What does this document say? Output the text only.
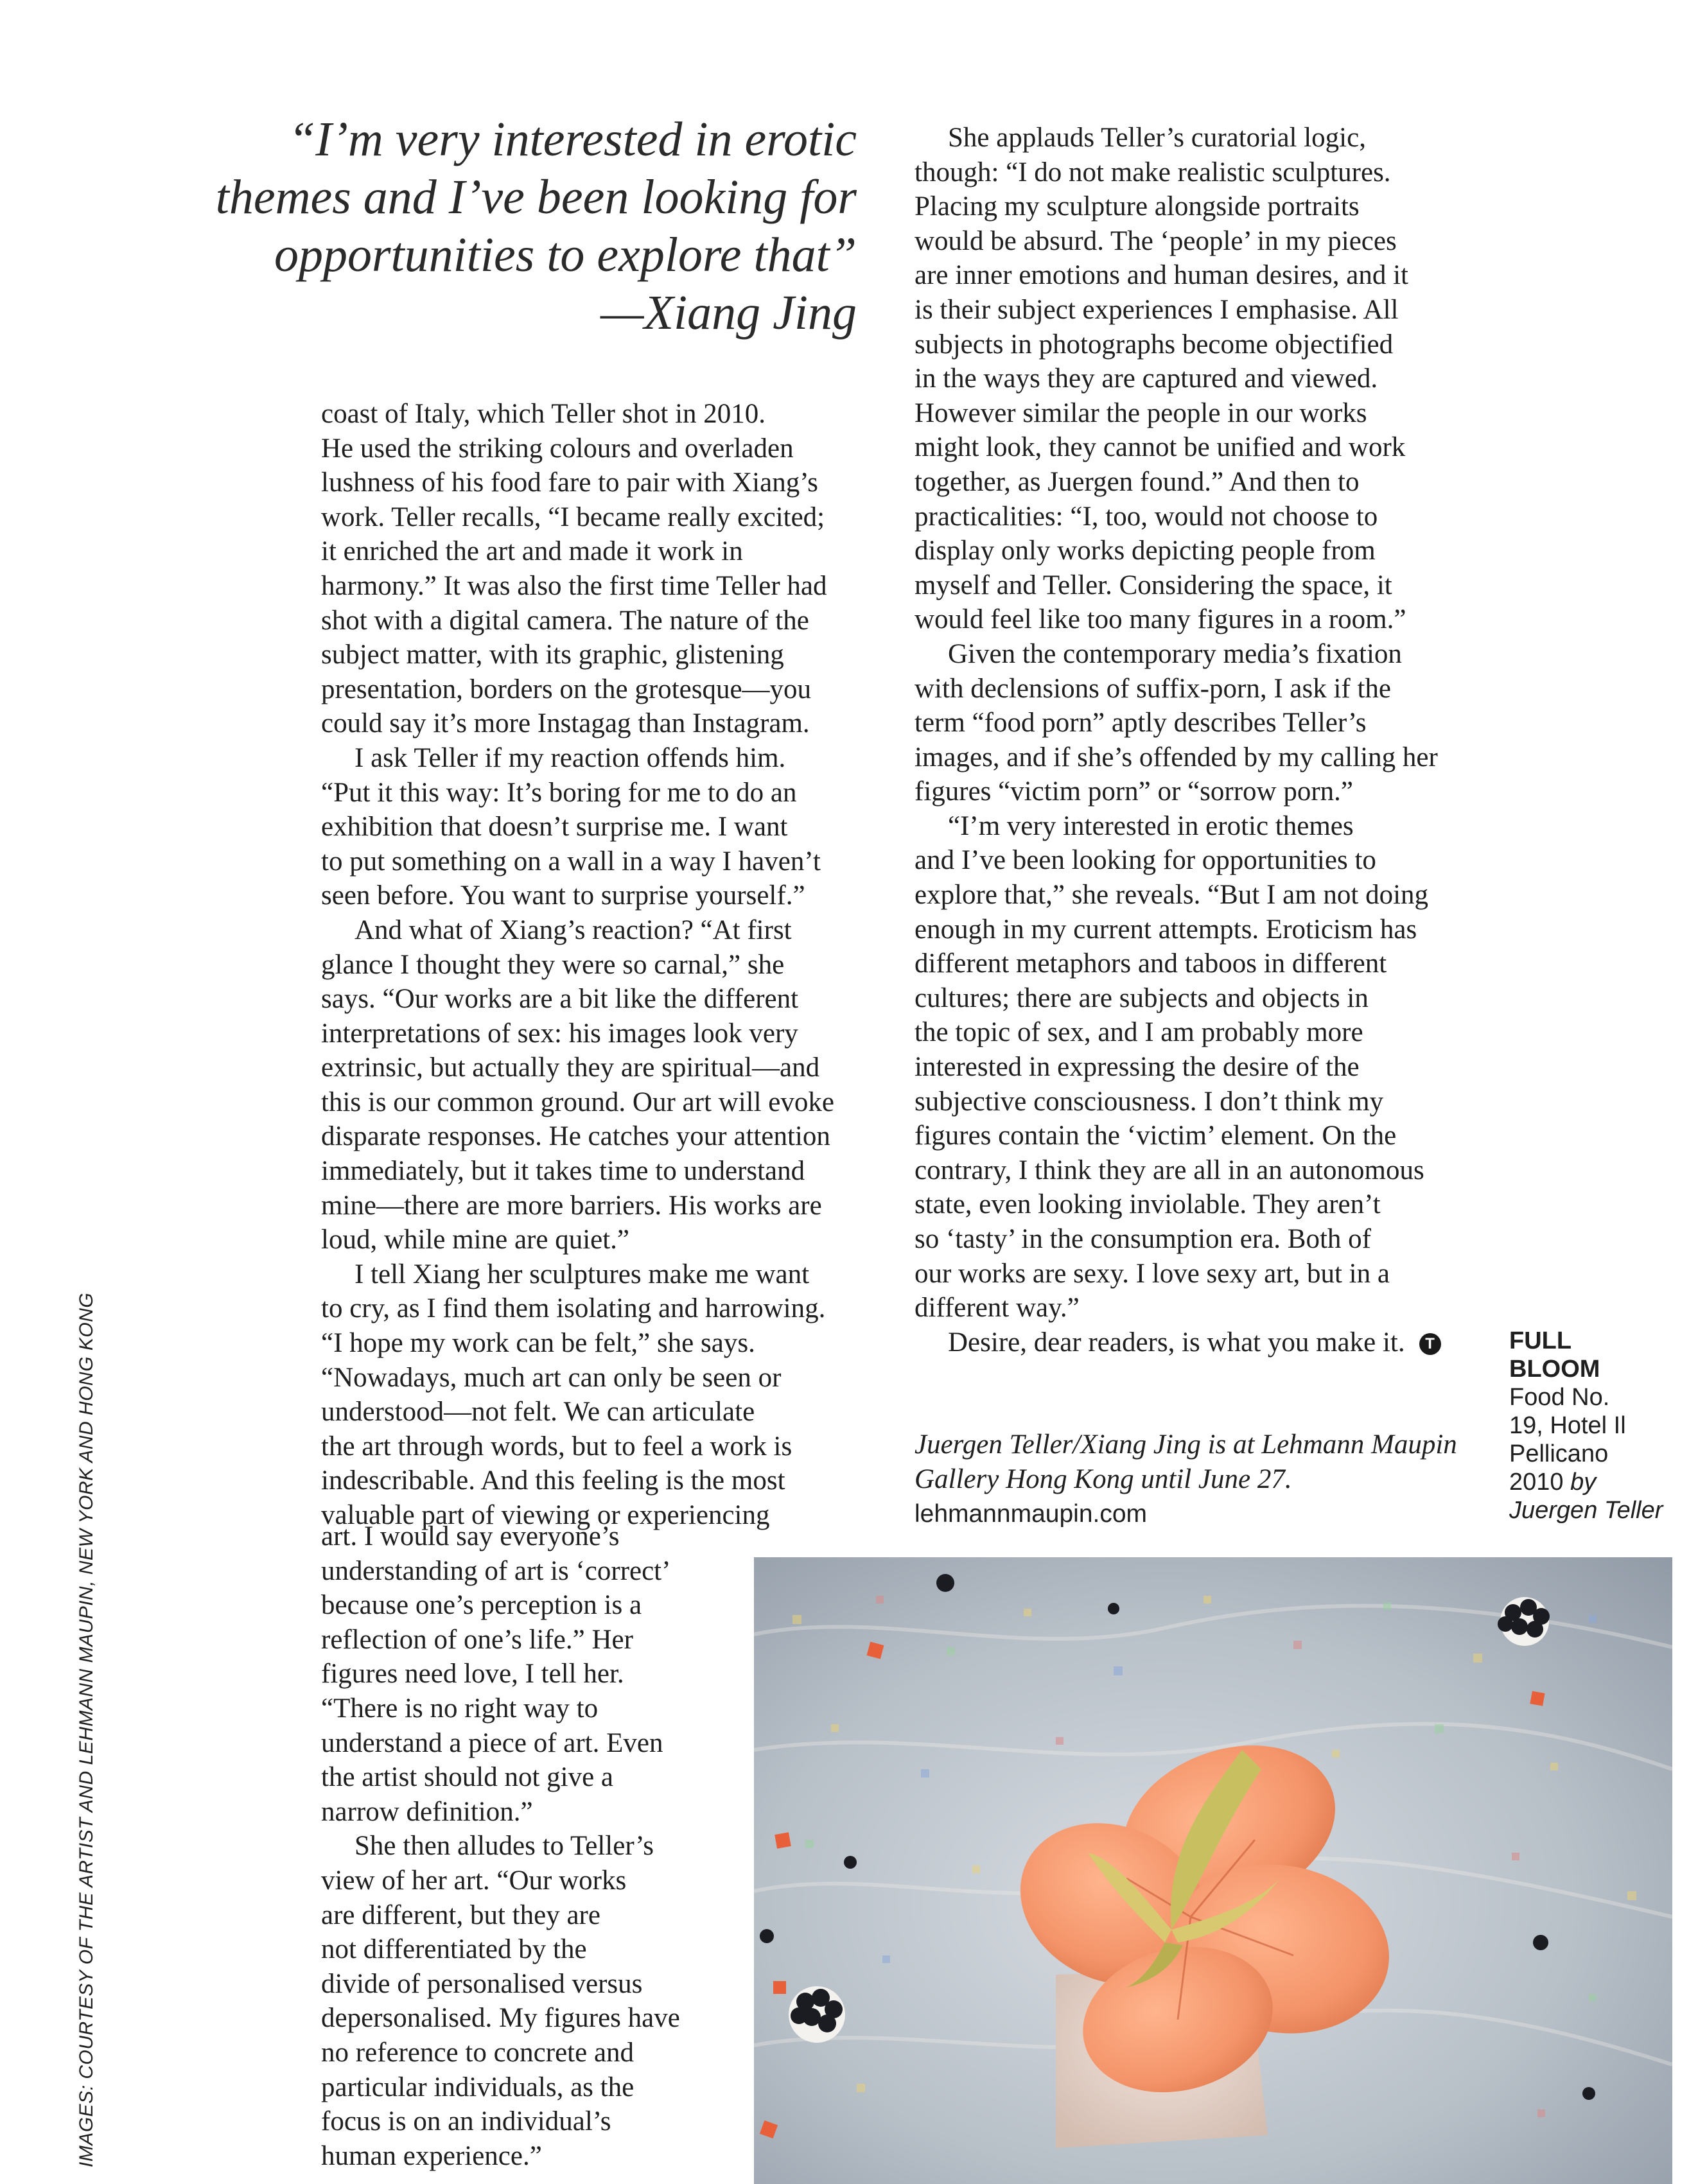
“I’m very interested in erotic
themes and I’ve been looking for
opportunities to explore that”
—Xiang Jing

coast of Italy, which Teller shot in 2010.
He used the striking colours and overladen
lushness of his food fare to pair with Xiang’s
work. Teller recalls, “I became really excited;
it enriched the art and made it work in
harmony.” It was also the first time Teller had
shot with a digital camera. The nature of the
subject matter, with its graphic, glistening
presentation, borders on the grotesque—you
could say it’s more Instagag than Instagram.

I ask Teller if my reaction offends him.
“Put it this way: It’s boring for me to do an
exhibition that doesn’t surprise me. I want
to put something on a wall in a way I haven’t
seen before. You want to surprise yourself.”

And what of Xiang’s reaction? “At first
glance I thought they were so carnal,” she
says. “Our works are a bit like the different
interpretations of sex: his images look very
extrinsic, but actually they are spiritual—and
this is our common ground. Our art will evoke
disparate responses. He catches your attention
immediately, but it takes time to understand
mine—there are more barriers. His works are
loud, while mine are quiet.”

I tell Xiang her sculptures make me want
to cry, as I find them isolating and harrowing.
“I hope my work can be felt,” she says.
“Nowadays, much art can only be seen or
understood—not felt. We can articulate
the art through words, but to feel a work is
indescribable. And this feeling is the most
valuable part of viewing or experiencing

art. I would say everyone’s
understanding of art is ‘correct’
because one’s perception is a
reflection of one’s life.” Her
figures need love, I tell her.
“There is no right way to
understand a piece of art. Even
the artist should not give a
narrow definition.”

She then alludes to Teller’s
view of her art. “Our works
are different, but they are
not differentiated by the
divide of personalised versus
depersonalised. My figures have
no reference to concrete and
particular individuals, as the
focus is on an individual’s
human experience.”

She applauds Teller’s curatorial logic,
though: “I do not make realistic sculptures.
Placing my sculpture alongside portraits
would be absurd. The ‘people’ in my pieces
are inner emotions and human desires, and it
is their subject experiences I emphasise. All
subjects in photographs become objectified
in the ways they are captured and viewed.
However similar the people in our works
might look, they cannot be unified and work
together, as Juergen found.” And then to
practicalities: “I, too, would not choose to
display only works depicting people from
myself and Teller. Considering the space, it
would feel like too many figures in a room.”

Given the contemporary media’s fixation
with declensions of suffix-porn, I ask if the
term “food porn” aptly describes Teller’s
images, and if she’s offended by my calling her
figures “victim porn” or “sorrow porn.”

“I’m very interested in erotic themes
and I’ve been looking for opportunities to
explore that,” she reveals. “But I am not doing
enough in my current attempts. Eroticism has
different metaphors and taboos in different
cultures; there are subjects and objects in
the topic of sex, and I am probably more
interested in expressing the desire of the
subjective consciousness. I don’t think my
figures contain the ‘victim’ element. On the
contrary, I think they are all in an autonomous
state, even looking inviolable. They aren’t
so ‘tasty’ in the consumption era. Both of
our works are sexy. I love sexy art, but in a
different way.”

Desire, dear readers, is what you make it. T

Juergen Teller/Xiang Jing is at Lehmann Maupin
Gallery Hong Kong until June 27.
lehmannmaupin.com
FULL
BLOOM
Food No.
19, Hotel Il
Pellicano
2010 by
Juergen Teller
IMAGES: COURTESY OF THE ARTIST AND LEHMANN MAUPIN, NEW YORK AND HONG KONG
